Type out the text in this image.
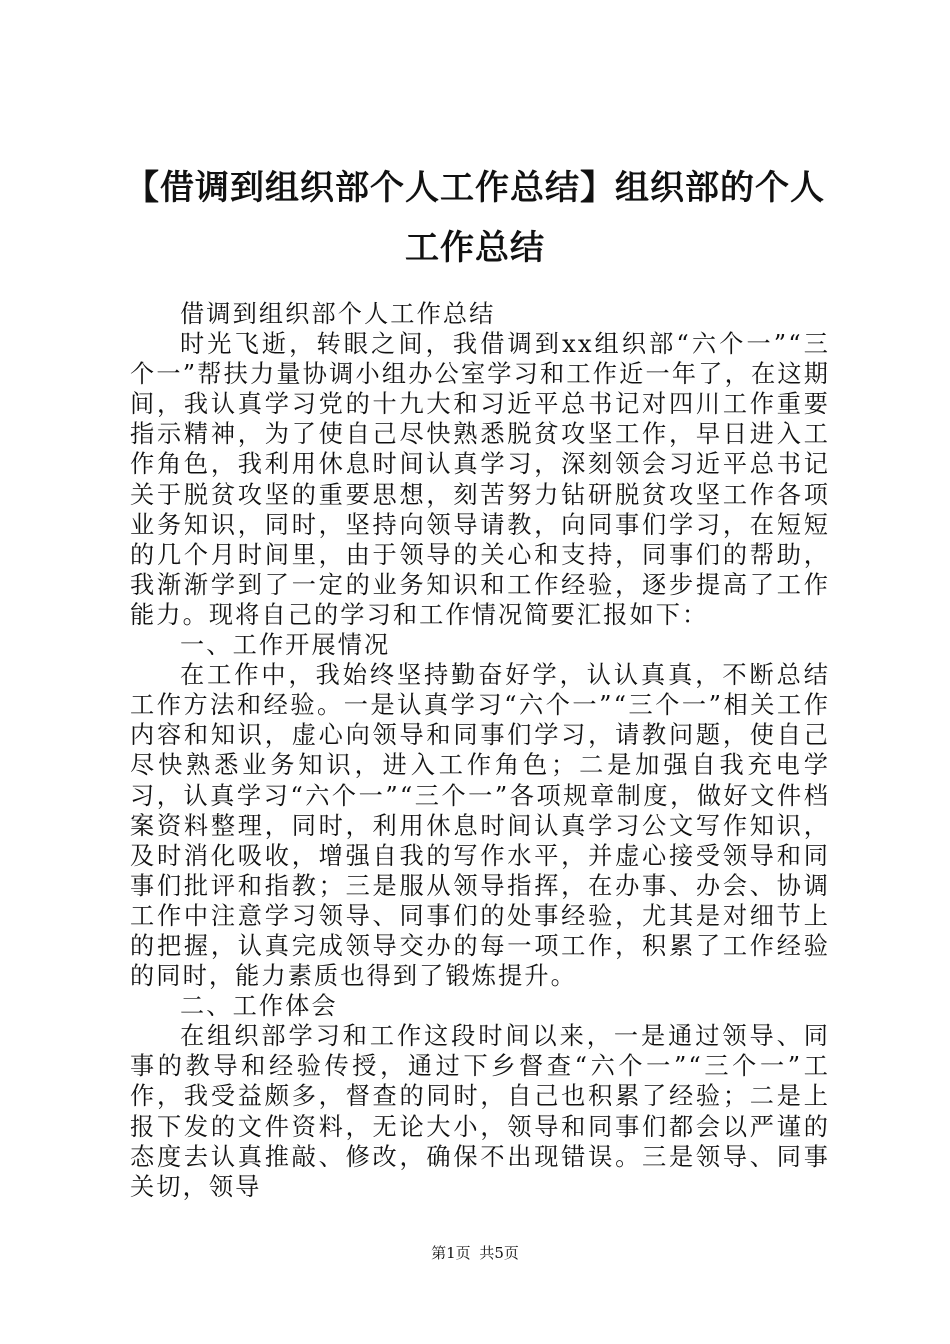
【借调到组织部个人工作总结】组织部的个人工作总结

借调到组织部个人工作总结

时光飞逝，转眼之间，我借调到xx组织部“六个一”“三个一”帮扶力量协调小组办公室学习和工作近一年了，在这期间，我认真学习党的十九大和习近平总书记对四川工作重要指示精神，为了使自己尽快熟悉脱贫攻坚工作，早日进入工作角色，我利用休息时间认真学习，深刻领会习近平总书记关于脱贫攻坚的重要思想，刻苦努力钻研脱贫攻坚工作各项业务知识，同时，坚持向领导请教，向同事们学习，在短短的几个月时间里，由于领导的关心和支持，同事们的帮助，我渐渐学到了一定的业务知识和工作经验，逐步提高了工作能力。现将自己的学习和工作情况简要汇报如下：

一、工作开展情况

在工作中，我始终坚持勤奋好学，认认真真，不断总结工作方法和经验。一是认真学习“六个一”“三个一”相关工作内容和知识，虚心向领导和同事们学习，请教问题，使自己尽快熟悉业务知识，进入工作角色；二是加强自我充电学习，认真学习“六个一”“三个一”各项规章制度，做好文件档案资料整理，同时，利用休息时间认真学习公文写作知识，及时消化吸收，增强自我的写作水平，并虚心接受领导和同事们批评和指教；三是服从领导指挥，在办事、办会、协调工作中注意学习领导、同事们的处事经验，尤其是对细节上的把握，认真完成领导交办的每一项工作，积累了工作经验的同时，能力素质也得到了锻炼提升。

二、工作体会

在组织部学习和工作这段时间以来，一是通过领导、同事的教导和经验传授，通过下乡督查“六个一”“三个一”工作，我受益颇多，督查的同时，自己也积累了经验；二是上报下发的文件资料，无论大小，领导和同事们都会以严谨的态度去认真推敲、修改，确保不出现错误。三是领导、同事关切，领导

第1页 共5页
